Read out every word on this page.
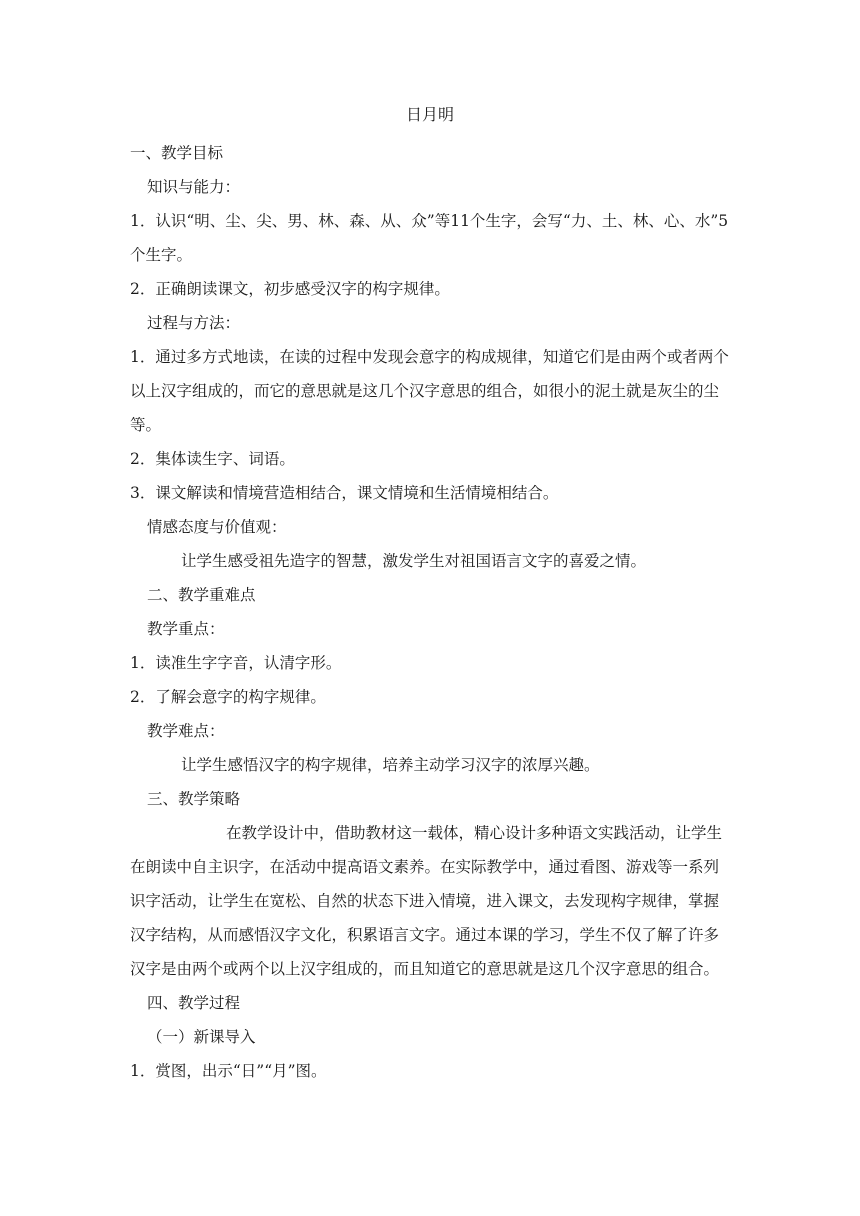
日月明

一、教学目标

知识与能力：

1．认识“明、尘、尖、男、林、森、从、众”等11个生字，会写“力、土、林、心、水”5个生字。

2．正确朗读课文，初步感受汉字的构字规律。

过程与方法：

1．通过多方式地读，在读的过程中发现会意字的构成规律，知道它们是由两个或者两个以上汉字组成的，而它的意思就是这几个汉字意思的组合，如很小的泥土就是灰尘的尘等。

2．集体读生字、词语。

3．课文解读和情境营造相结合，课文情境和生活情境相结合。

情感态度与价值观：

让学生感受祖先造字的智慧，激发学生对祖国语言文字的喜爱之情。

二、教学重难点

教学重点：

1．读准生字字音，认清字形。

2．了解会意字的构字规律。

教学难点：

让学生感悟汉字的构字规律，培养主动学习汉字的浓厚兴趣。

三、教学策略

在教学设计中，借助教材这一载体，精心设计多种语文实践活动，让学生在朗读中自主识字，在活动中提高语文素养。在实际教学中，通过看图、游戏等一系列识字活动，让学生在宽松、自然的状态下进入情境，进入课文，去发现构字规律，掌握汉字结构，从而感悟汉字文化，积累语言文字。通过本课的学习，学生不仅了解了许多汉字是由两个或两个以上汉字组成的，而且知道它的意思就是这几个汉字意思的组合。

四、教学过程

（一）新课导入

1．赏图，出示“日”“月”图。
